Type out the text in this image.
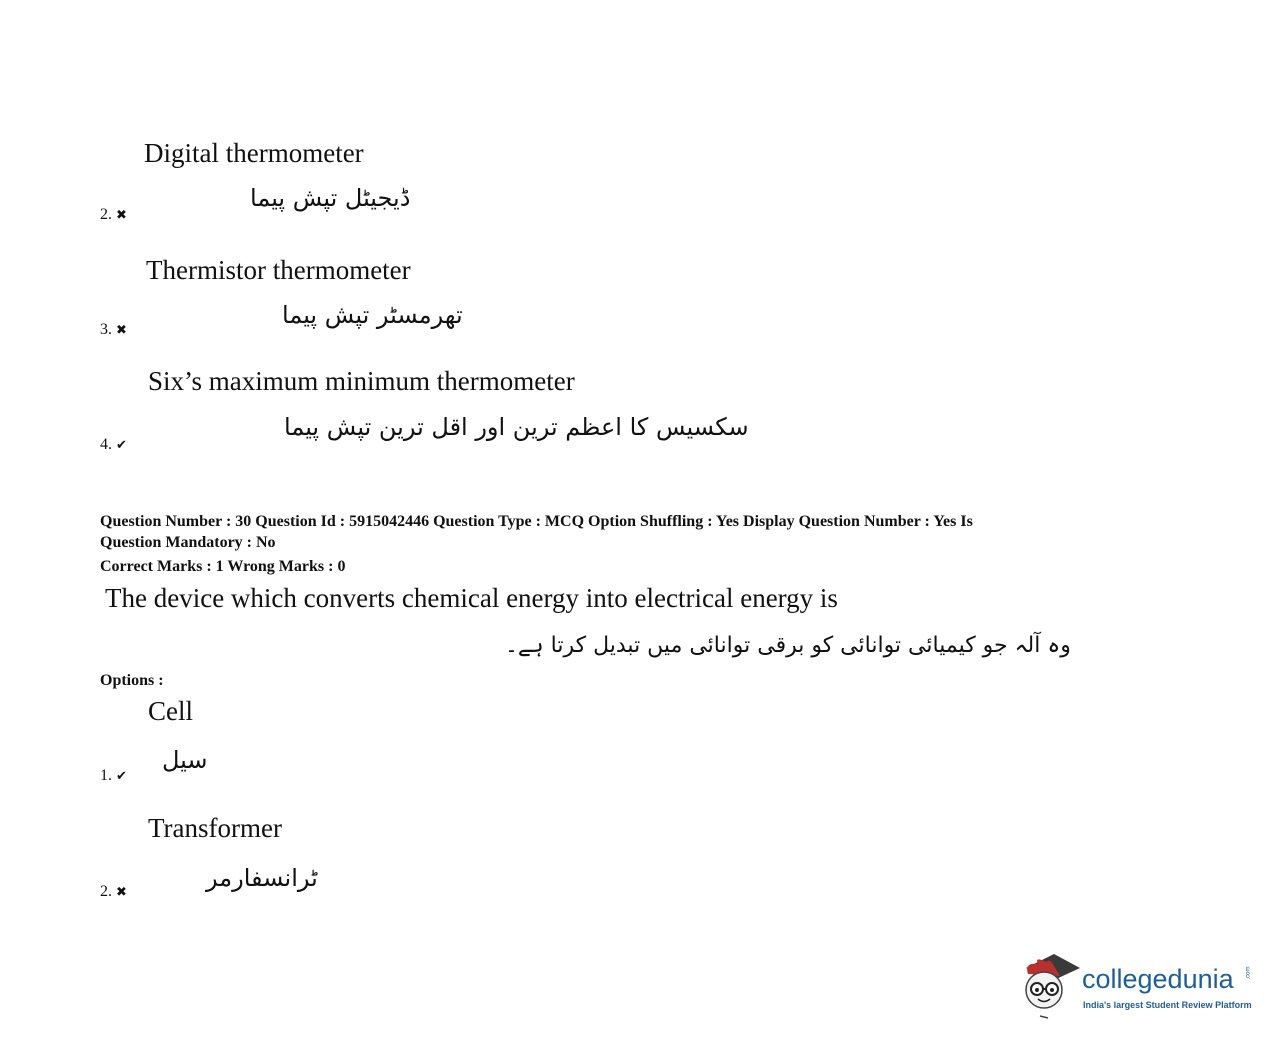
Digital thermometer
ڈیجیٹل تپش پیما
2. ✖
Thermistor thermometer
تھرمسٹر تپش پیما
3. ✖
Six’s maximum minimum thermometer
سکسیس کا اعظم ترین اور اقل ترین تپش پیما
4. ✔
Question Number : 30 Question Id : 5915042446 Question Type : MCQ Option Shuffling : Yes Display Question Number : Yes Is
Question Mandatory : No
Correct Marks : 1 Wrong Marks : 0
The device which converts chemical energy into electrical energy is
وہ آلہ جو کیمیائی توانائی کو برقی توانائی میں تبدیل کرتا ہے۔
Options :
Cell
سیل
1. ✔
Transformer
ٹرانسفارمر
2. ✖
collegedunia .com
India's largest Student Review Platform
